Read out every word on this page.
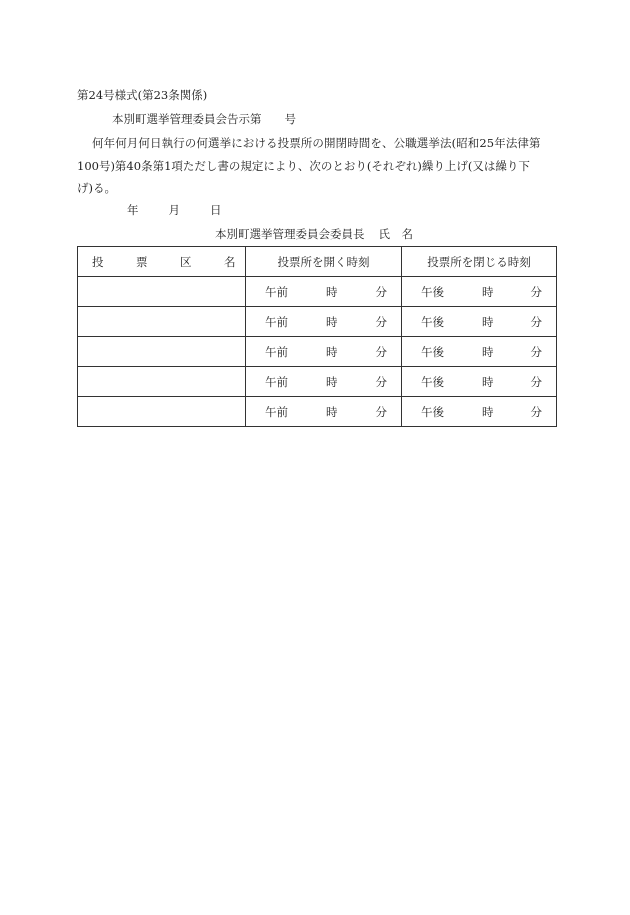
第24号様式(第23条関係)
本別町選挙管理委員会告示第　　号
何年何月何日執行の何選挙における投票所の開閉時間を、公職選挙法(昭和25年法律第
100号)第40条第1項ただし書の規定により、次のとおり(それぞれ)繰り上げ(又は繰り下
げ)る。
年	月	日
本別町選挙管理委員会委員長 氏　名
投 票 区 名	投票所を開く時刻	投票所を閉じる時刻

	午前 時 分	午後 時 分

	午前 時 分	午後 時 分

	午前 時 分	午後 時 分

	午前 時 分	午後 時 分

	午前 時 分	午後 時 分
